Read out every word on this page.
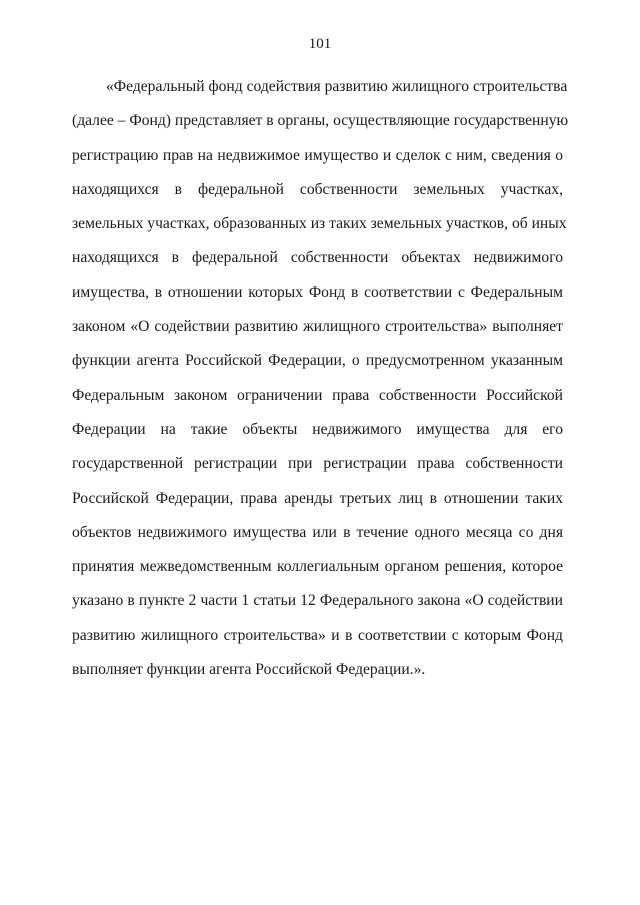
101
«Федеральный фонд содействия развитию жилищного строительства
(далее – Фонд) представляет в органы, осуществляющие государственную
регистрацию прав на недвижимое имущество и сделок с ним, сведения о
находящихся в федеральной собственности земельных участках,
земельных участках, образованных из таких земельных участков, об иных
находящихся в федеральной собственности объектах недвижимого
имущества, в отношении которых Фонд в соответствии с Федеральным
законом «О содействии развитию жилищного строительства» выполняет
функции агента Российской Федерации, о предусмотренном указанным
Федеральным законом ограничении права собственности Российской
Федерации на такие объекты недвижимого имущества для его
государственной регистрации при регистрации права собственности
Российской Федерации, права аренды третьих лиц в отношении таких
объектов недвижимого имущества или в течение одного месяца со дня
принятия межведомственным коллегиальным органом решения, которое
указано в пункте 2 части 1 статьи 12 Федерального закона «О содействии
развитию жилищного строительства» и в соответствии с которым Фонд
выполняет функции агента Российской Федерации.».
